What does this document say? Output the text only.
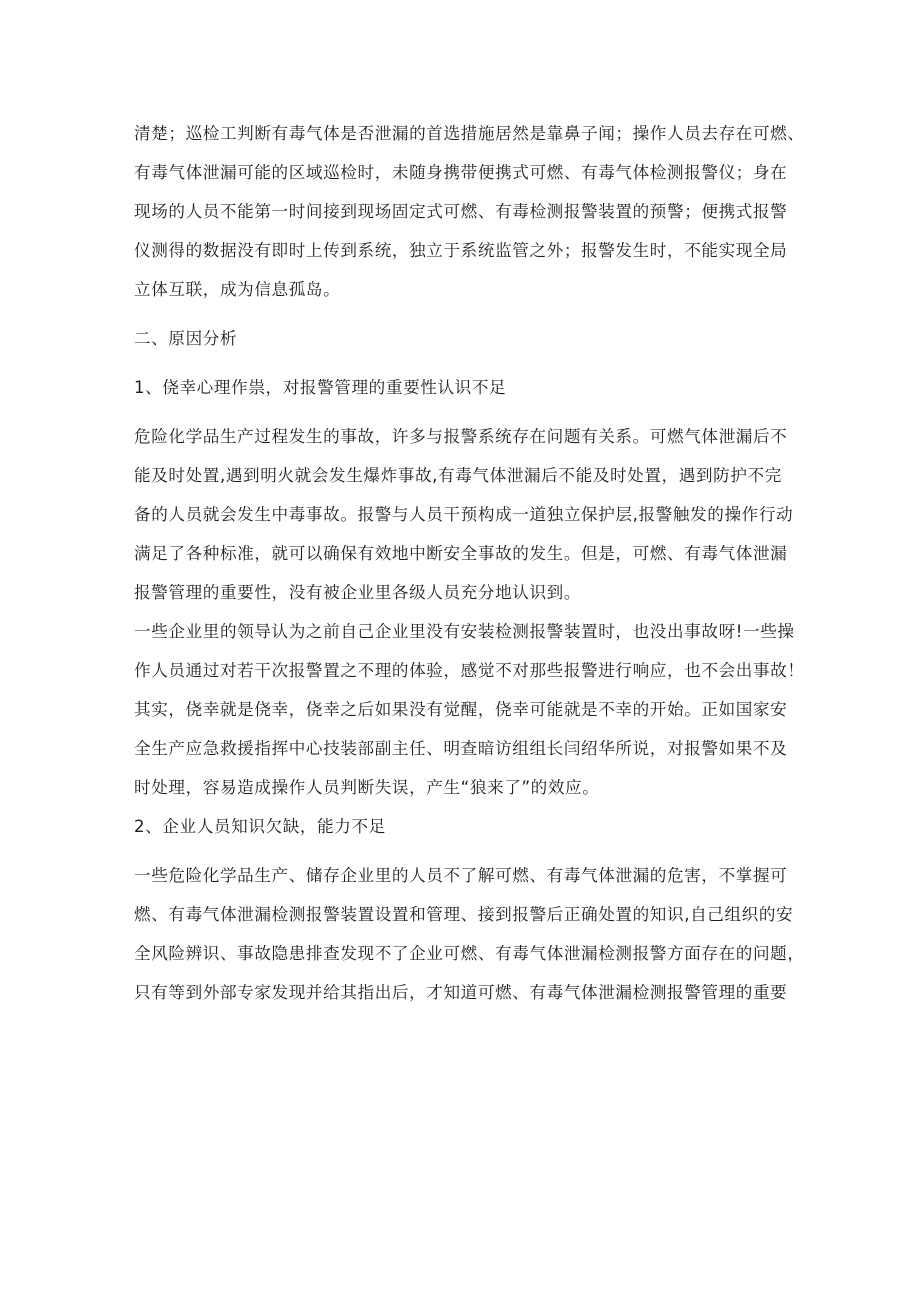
清楚；巡检工判断有毒气体是否泄漏的首选措施居然是靠鼻子闻；操作人员去存在可燃、
有毒气体泄漏可能的区域巡检时，未随身携带便携式可燃、有毒气体检测报警仪；身在
现场的人员不能第一时间接到现场固定式可燃、有毒检测报警装置的预警；便携式报警
仪测得的数据没有即时上传到系统，独立于系统监管之外；报警发生时，不能实现全局
立体互联，成为信息孤岛。
二、原因分析
1、侥幸心理作祟，对报警管理的重要性认识不足
危险化学品生产过程发生的事故，许多与报警系统存在问题有关系。可燃气体泄漏后不
能及时处置,遇到明火就会发生爆炸事故,有毒气体泄漏后不能及时处置，遇到防护不完
备的人员就会发生中毒事故。报警与人员干预构成一道独立保护层,报警触发的操作行动
满足了各种标准，就可以确保有效地中断安全事故的发生。但是，可燃、有毒气体泄漏
报警管理的重要性，没有被企业里各级人员充分地认识到。
一些企业里的领导认为之前自己企业里没有安装检测报警装置时，也没出事故呀!一些操
作人员通过对若干次报警置之不理的体验，感觉不对那些报警进行响应，也不会出事故！
其实，侥幸就是侥幸，侥幸之后如果没有觉醒，侥幸可能就是不幸的开始。正如国家安
全生产应急救援指挥中心技装部副主任、明查暗访组组长闫绍华所说，对报警如果不及
时处理，容易造成操作人员判断失误，产生“狼来了”的效应。
2、企业人员知识欠缺，能力不足
一些危险化学品生产、储存企业里的人员不了解可燃、有毒气体泄漏的危害，不掌握可
燃、有毒气体泄漏检测报警装置设置和管理、接到报警后正确处置的知识,自己组织的安
全风险辨识、事故隐患排查发现不了企业可燃、有毒气体泄漏检测报警方面存在的问题，
只有等到外部专家发现并给其指出后，才知道可燃、有毒气体泄漏检测报警管理的重要
